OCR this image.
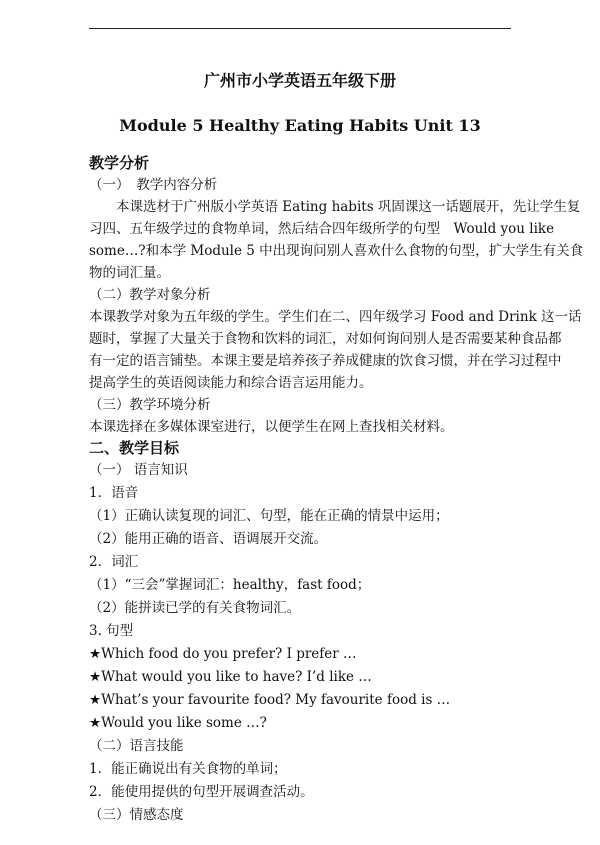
广州市小学英语五年级下册
Module 5 Healthy Eating Habits Unit 13
教学分析
（一）　教学内容分析
本课选材于广州版小学英语 Eating habits 巩固课这一话题展开，先让学生复
习四、五年级学过的食物单词，然后结合四年级所学的句型　Would you like
some…?和本学 Module 5 中出现询问别人喜欢什么食物的句型，扩大学生有关食
物的词汇量。
（二）教学对象分析
本课教学对象为五年级的学生。学生们在二、四年级学习 Food and Drink 这一话
题时，掌握了大量关于食物和饮料的词汇，对如何询问别人是否需要某种食品都
有一定的语言铺垫。本课主要是培养孩子养成健康的饮食习惯，并在学习过程中
提高学生的英语阅读能力和综合语言运用能力。
（三）教学环境分析
本课选择在多媒体课室进行，以便学生在网上查找相关材料。
二、教学目标
（一） 语言知识
1．语音
（1）正确认读复现的词汇、句型，能在正确的情景中运用；
（2）能用正确的语音、语调展开交流。
2．词汇
（1）“三会”掌握词汇：healthy，fast food；
（2）能拼读已学的有关食物词汇。
3. 句型
★Which food do you prefer? I prefer …
★What would you like to have? I’d like …
★What’s your favourite food? My favourite food is …
★Would you like some …?
（二）语言技能
1．能正确说出有关食物的单词；
2．能使用提供的句型开展调查活动。
（三）情感态度
